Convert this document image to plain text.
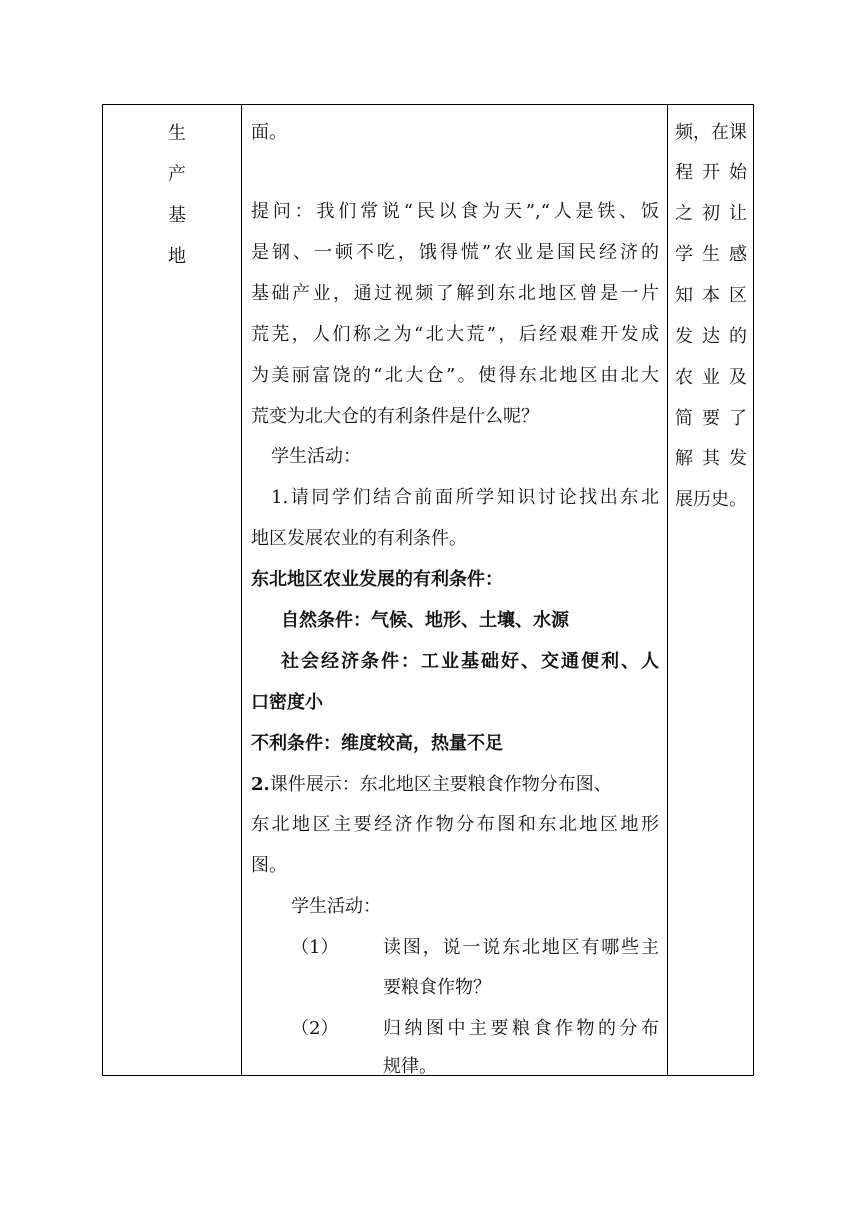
生
产
基
地
面。
提问：我们常说“民以食为天”,“人是铁、饭
是钢、一顿不吃，饿得慌”农业是国民经济的
基础产业，通过视频了解到东北地区曾是一片
荒芜，人们称之为“北大荒”，后经艰难开发成
为美丽富饶的“北大仓”。使得东北地区由北大
荒变为北大仓的有利条件是什么呢？
学生活动：
1.请同学们结合前面所学知识讨论找出东北
地区发展农业的有利条件。
东北地区农业发展的有利条件：
自然条件：气候、地形、土壤、水源
社会经济条件：工业基础好、交通便利、人
口密度小
不利条件：维度较高，热量不足
2.课件展示：东北地区主要粮食作物分布图、
东北地区主要经济作物分布图和东北地区地形
图。
学生活动：
（1） 读图，说一说东北地区有哪些主
要粮食作物？
（2） 归纳图中主要粮食作物的分布
规律。
频，在课
程 开 始
之 初 让
学 生 感
知 本 区
发 达 的
农 业 及
简 要 了
解 其 发
展历史。
